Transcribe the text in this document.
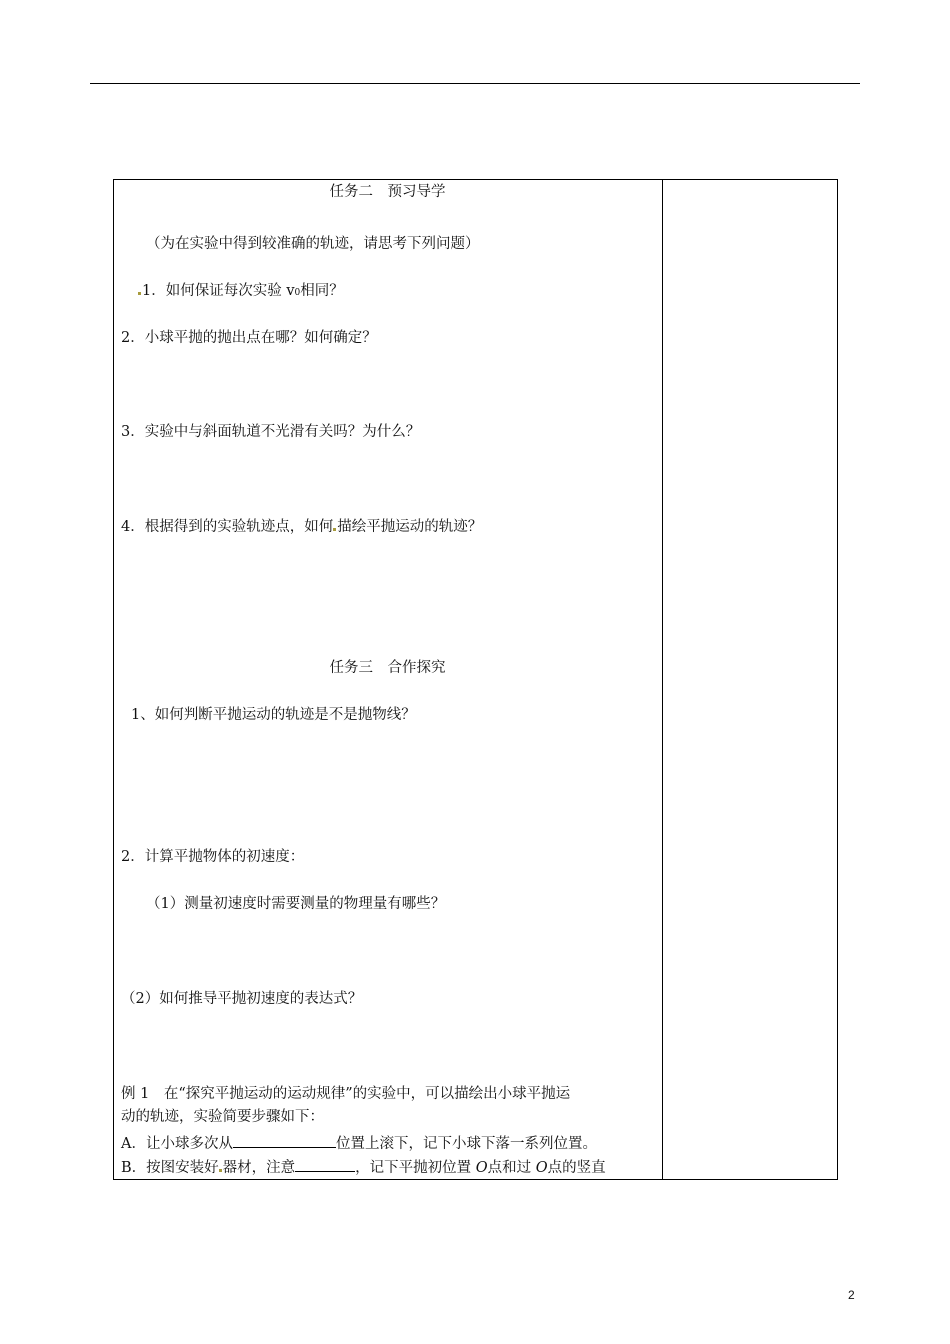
任务二　预习导学
（为在实验中得到较准确的轨迹，请思考下列问题）
1．如何保证每次实验 v0相同？
2．小球平抛的抛出点在哪？如何确定？
3．实验中与斜面轨道不光滑有关吗？为什么？
4．根据得到的实验轨迹点，如何 描绘平抛运动的轨迹？
任务三　合作探究
1、如何判断平抛运动的轨迹是不是抛物线？
2．计算平抛物体的初速度：
（1）测量初速度时需要测量的物理量有哪些？
（2）如何推导平抛初速度的表达式？
例 1　在“探究平抛运动的运动规律”的实验中，可以描绘出小球平抛运
动的轨迹，实验简要步骤如下：
A．让小球多次从	位置上滚下，记下小球下落一系列位置。
B．按图安装好 器材，注意	，记下平抛初位置 O点和过 O点的竖直
2
